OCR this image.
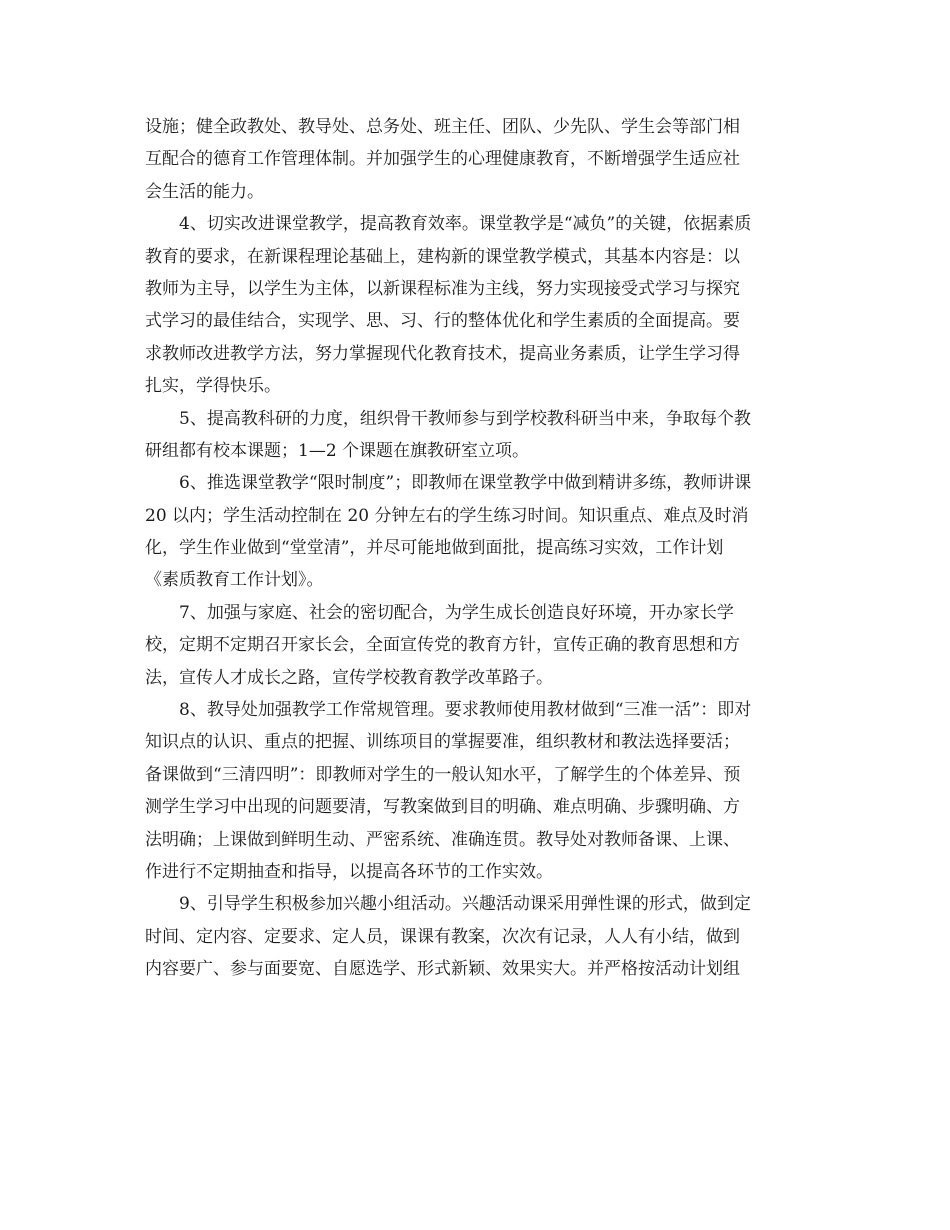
设施；健全政教处、教导处、总务处、班主任、团队、少先队、学生会等部门相
互配合的德育工作管理体制。并加强学生的心理健康教育，不断增强学生适应社
会生活的能力。
4、切实改进课堂教学，提高教育效率。课堂教学是“减负”的关键，依据素质
教育的要求，在新课程理论基础上，建构新的课堂教学模式，其基本内容是：以
教师为主导，以学生为主体，以新课程标准为主线，努力实现接受式学习与探究
式学习的最佳结合，实现学、思、习、行的整体优化和学生素质的全面提高。要
求教师改进教学方法，努力掌握现代化教育技术，提高业务素质，让学生学习得
扎实，学得快乐。
5、提高教科研的力度，组织骨干教师参与到学校教科研当中来，争取每个教
研组都有校本课题；1—2 个课题在旗教研室立项。
6、推选课堂教学“限时制度”；即教师在课堂教学中做到精讲多练，教师讲课
20 以内；学生活动控制在 20 分钟左右的学生练习时间。知识重点、难点及时消
化，学生作业做到“堂堂清”，并尽可能地做到面批，提高练习实效，工作计划
《素质教育工作计划》。
7、加强与家庭、社会的密切配合，为学生成长创造良好环境，开办家长学
校，定期不定期召开家长会，全面宣传党的教育方针，宣传正确的教育思想和方
法，宣传人才成长之路，宣传学校教育教学改革路子。
8、教导处加强教学工作常规管理。要求教师使用教材做到“三准一活”：即对
知识点的认识、重点的把握、训练项目的掌握要准，组织教材和教法选择要活；
备课做到“三清四明”：即教师对学生的一般认知水平，了解学生的个体差异、预
测学生学习中出现的问题要清，写教案做到目的明确、难点明确、步骤明确、方
法明确；上课做到鲜明生动、严密系统、准确连贯。教导处对教师备课、上课、
作进行不定期抽查和指导，以提高各环节的工作实效。
9、引导学生积极参加兴趣小组活动。兴趣活动课采用弹性课的形式，做到定
时间、定内容、定要求、定人员，课课有教案，次次有记录，人人有小结，做到
内容要广、参与面要宽、自愿选学、形式新颖、效果实大。并严格按活动计划组
